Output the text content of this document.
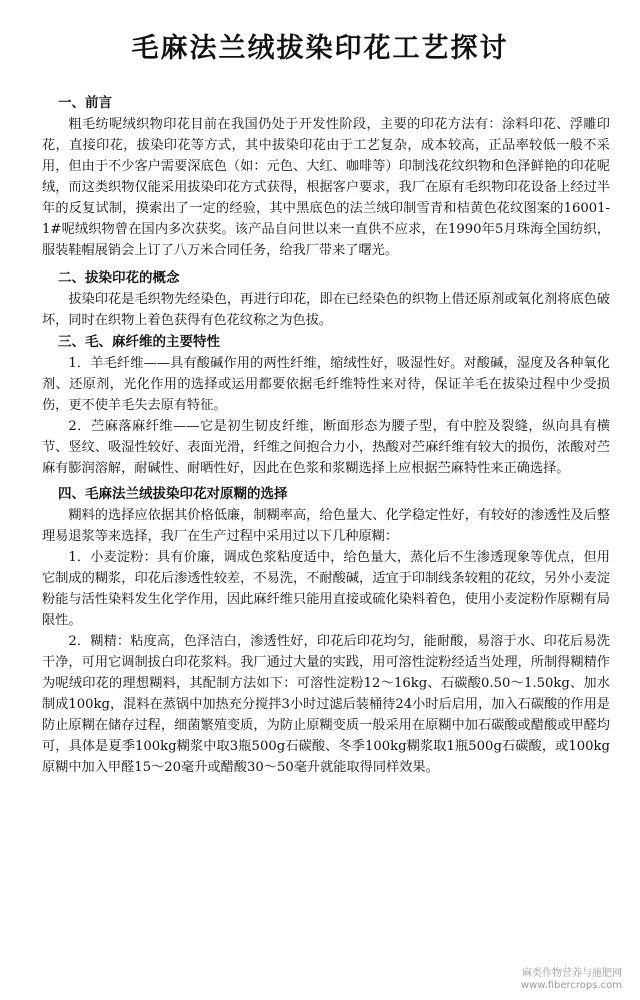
毛麻法兰绒拔染印花工艺探讨
一、前言

粗毛纺呢绒织物印花目前在我国仍处于开发性阶段，主要的印花方法有：涂料印花、浮雕印花，直接印花，拔染印花等方式，其中拔染印花由于工艺复杂，成本较高，正品率较低一般不采用，但由于不少客户需要深底色（如：元色、大红、咖啡等）印制浅花纹织物和色泽鲜艳的印花呢绒，而这类织物仅能采用拔染印花方式获得，根据客户要求，我厂在原有毛织物印花设备上经过半年的反复试制，摸索出了一定的经验，其中黑底色的法兰绒印制雪青和桔黄色花纹图案的16001-1#呢绒织物曾在国内多次获奖。该产品自问世以来一直供不应求，在1990年5月珠海全国纺织，服装鞋帽展销会上订了八万米合同任务，给我厂带来了曙光。

二、拔染印花的概念

拔染印花是毛织物先经染色，再进行印花，即在已经染色的织物上借还原剂或氧化剂将底色破坏，同时在织物上着色获得有色花纹称之为色拔。

三、毛、麻纤维的主要特性

1．羊毛纤维——具有酸碱作用的两性纤维，缩绒性好，吸湿性好。对酸碱，湿度及各种氧化剂、还原剂，光化作用的选择或运用都要依据毛纤维特性来对待，保证羊毛在拔染过程中少受损伤，更不使羊毛失去原有特征。

2．苎麻落麻纤维——它是初生韧皮纤维，断面形态为腰子型，有中腔及裂缝，纵向具有横节、竖纹、吸湿性较好、表面光滑，纤维之间抱合力小，热酸对苎麻纤维有较大的损伤，浓酸对苎麻有膨润溶解，耐碱性、耐晒性好，因此在色浆和浆糊选择上应根据苎麻特性来正确选择。

四、毛麻法兰绒拔染印花对原糊的选择

糊料的选择应依据其价格低廉，制糊率高，给色量大、化学稳定性好，有较好的渗透性及后整理易退浆等来选择，我厂在生产过程中采用过以下几种原糊：

1．小麦淀粉：具有价廉，调成色浆粘度适中，给色量大，蒸化后不生渗透现象等优点，但用它制成的糊浆，印花后渗透性较差，不易洗，不耐酸碱，适宜于印制线条较粗的花纹，另外小麦淀粉能与活性染料发生化学作用，因此麻纤维只能用直接或硫化染料着色，使用小麦淀粉作原糊有局限性。

2．糊精：粘度高，色泽洁白，渗透性好，印花后印花均匀，能耐酸，易溶于水、印花后易洗干净，可用它调制拔白印花浆料。我厂通过大量的实践，用可溶性淀粉经适当处理，所制得糊精作为呢绒印花的理想糊料，其配制方法如下：可溶性淀粉12～16kg、石碳酸0.50～1.50kg、加水制成100kg，混料在蒸锅中加热充分搅拌3小时过滤后装桶待24小时后启用，加入石碳酸的作用是防止原糊在储存过程，细菌繁殖变质，为防止原糊变质一般采用在原糊中加石碳酸或醋酸或甲醛均可，具体是夏季100kg糊浆中取3瓶500g石碳酸、冬季100kg糊浆取1瓶500g石碳酸，或100kg原糊中加入甲醛15～20毫升或醋酸30～50毫升就能取得同样效果。

麻类作物营养与施肥网
www.fibercrops.com
